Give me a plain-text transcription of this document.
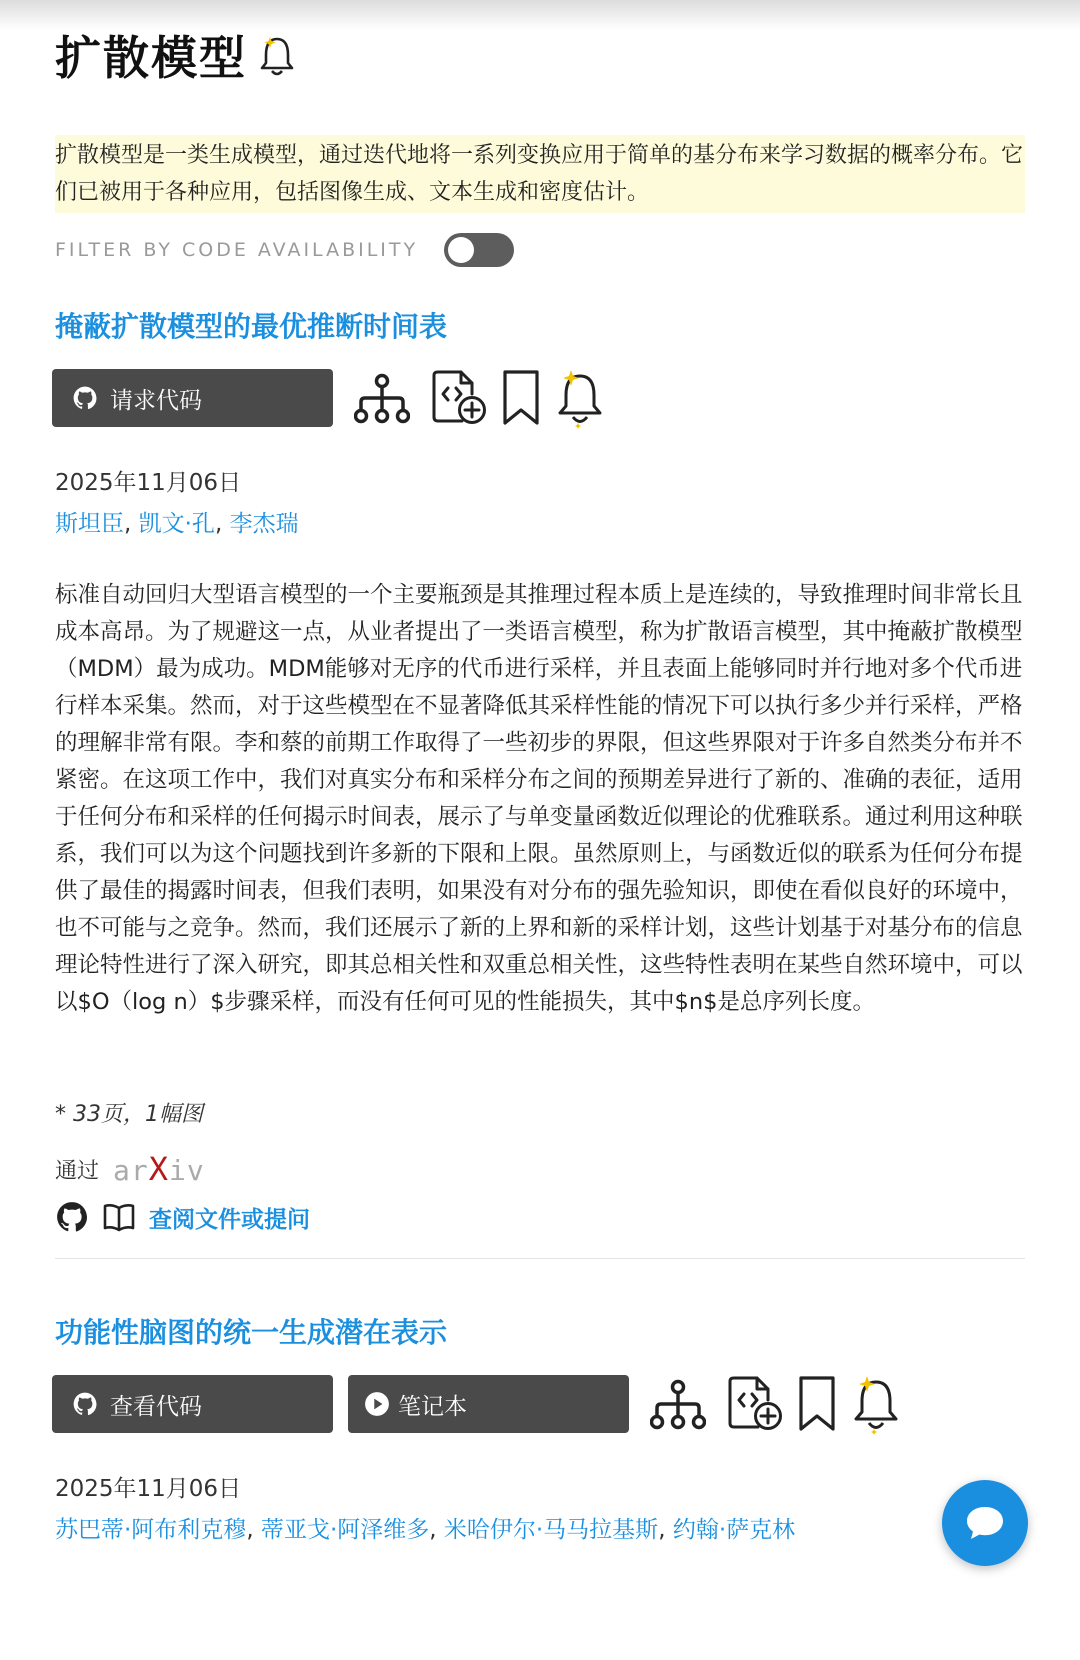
扩散模型
扩散模型是一类生成模型，通过迭代地将一系列变换应用于简单的基分布来学习数据的概率分布。它们已被用于各种应用，包括图像生成、文本生成和密度估计。
FILTER BY CODE AVAILABILITY
掩蔽扩散模型的最优推断时间表
请求代码
2025年11月06日
斯坦臣, 凯文·孔, 李杰瑞
标准自动回归大型语言模型的一个主要瓶颈是其推理过程本质上是连续的，导致推理时间非常长且成本高昂。为了规避这一点，从业者提出了一类语言模型，称为扩散语言模型，其中掩蔽扩散模型（MDM）最为成功。MDM能够对无序的代币进行采样，并且表面上能够同时并行地对多个代币进行样本采集。然而，对于这些模型在不显著降低其采样性能的情况下可以执行多少并行采样，严格的理解非常有限。李和蔡的前期工作取得了一些初步的界限，但这些界限对于许多自然类分布并不紧密。在这项工作中，我们对真实分布和采样分布之间的预期差异进行了新的、准确的表征，适用于任何分布和采样的任何揭示时间表，展示了与单变量函数近似理论的优雅联系。通过利用这种联系，我们可以为这个问题找到许多新的下限和上限。虽然原则上，与函数近似的联系为任何分布提供了最佳的揭露时间表，但我们表明，如果没有对分布的强先验知识，即使在看似良好的环境中，也不可能与之竞争。然而，我们还展示了新的上界和新的采样计划，这些计划基于对基分布的信息理论特性进行了深入研究，即其总相关性和双重总相关性，这些特性表明在某些自然环境中，可以以$O（log n）$步骤采样，而没有任何可见的性能损失，其中$n$是总序列长度。
* 33页，1幅图
通过 arXiv
查阅文件或提问
功能性脑图的统一生成潜在表示
查看代码	笔记本
2025年11月06日
苏巴蒂·阿布利克穆, 蒂亚戈·阿泽维多, 米哈伊尔·马马拉基斯, 约翰·萨克林
